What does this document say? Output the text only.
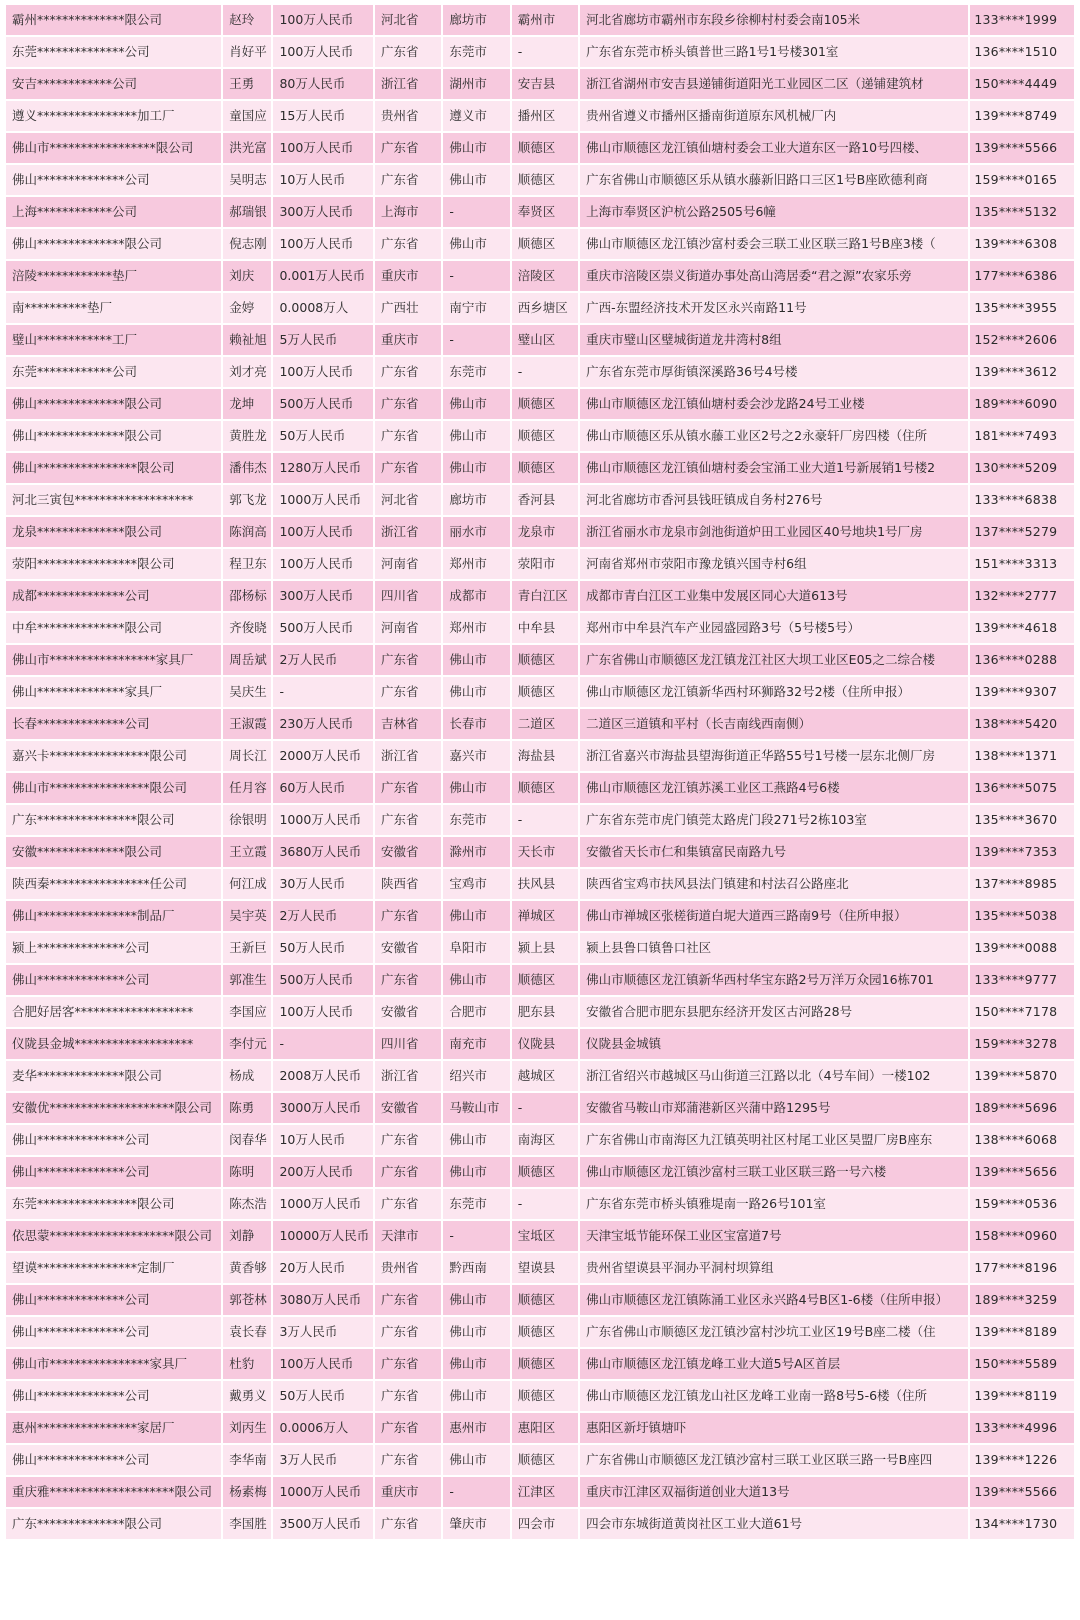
霸州**************限公司	赵玲	100万人民币	河北省	廊坊市	霸州市	河北省廊坊市霸州市东段乡徐柳村村委会南105米	133****1999
东莞**************公司	肖好平	100万人民币	广东省	东莞市	-	广东省东莞市桥头镇普世三路1号1号楼301室	136****1510
安吉************公司	王勇	80万人民币	浙江省	湖州市	安吉县	浙江省湖州市安吉县递铺街道阳光工业园区二区（递铺建筑材	150****4449
遵义****************加工厂	童国应	15万人民币	贵州省	遵义市	播州区	贵州省遵义市播州区播南街道原东风机械厂内	139****8749
佛山市*****************限公司	洪光富	100万人民币	广东省	佛山市	顺德区	佛山市顺德区龙江镇仙塘村委会工业大道东区一路10号四楼、	139****5566
佛山**************公司	吴明志	10万人民币	广东省	佛山市	顺德区	广东省佛山市顺德区乐从镇水藤新旧路口三区1号B座欧德利商	159****0165
上海************公司	郝瑞银	300万人民币	上海市	-	奉贤区	上海市奉贤区沪杭公路2505号6幢	135****5132
佛山**************限公司	倪志刚	100万人民币	广东省	佛山市	顺德区	佛山市顺德区龙江镇沙富村委会三联工业区联三路1号B座3楼（	139****6308
涪陵************垫厂	刘庆	0.001万人民币	重庆市	-	涪陵区	重庆市涪陵区崇义街道办事处高山湾居委“君之源”农家乐旁	177****6386
南**********垫厂	金婷	0.0008万人	广西壮	南宁市	西乡塘区	广西-东盟经济技术开发区永兴南路11号	135****3955
璧山************工厂	赖祉旭	5万人民币	重庆市	-	璧山区	重庆市璧山区璧城街道龙井湾村8组	152****2606
东莞************公司	刘才亮	100万人民币	广东省	东莞市	-	广东省东莞市厚街镇深溪路36号4号楼	139****3612
佛山**************限公司	龙坤	500万人民币	广东省	佛山市	顺德区	佛山市顺德区龙江镇仙塘村委会沙龙路24号工业楼	189****6090
佛山**************限公司	黄胜龙	50万人民币	广东省	佛山市	顺德区	佛山市顺德区乐从镇水藤工业区2号之2永豪轩厂房四楼（住所	181****7493
佛山****************限公司	潘伟杰	1280万人民币	广东省	佛山市	顺德区	佛山市顺德区龙江镇仙塘村委会宝涌工业大道1号新展销1号楼2	130****5209
河北三寅包*******************	郭飞龙	1000万人民币	河北省	廊坊市	香河县	河北省廊坊市香河县钱旺镇成自务村276号	133****6838
龙泉**************限公司	陈润高	100万人民币	浙江省	丽水市	龙泉市	浙江省丽水市龙泉市剑池街道炉田工业园区40号地块1号厂房	137****5279
荥阳****************限公司	程卫东	100万人民币	河南省	郑州市	荥阳市	河南省郑州市荥阳市豫龙镇兴国寺村6组	151****3313
成都**************公司	邵杨标	300万人民币	四川省	成都市	青白江区	成都市青白江区工业集中发展区同心大道613号	132****2777
中牟**************限公司	齐俊晓	500万人民币	河南省	郑州市	中牟县	郑州市中牟县汽车产业园盛园路3号（5号楼5号）	139****4618
佛山市*****************家具厂	周岳斌	2万人民币	广东省	佛山市	顺德区	广东省佛山市顺德区龙江镇龙江社区大坝工业区E05之二综合楼	136****0288
佛山**************家具厂	吴庆生	-	广东省	佛山市	顺德区	佛山市顺德区龙江镇新华西村环狮路32号2楼（住所申报）	139****9307
长春**************公司	王淑霞	230万人民币	吉林省	长春市	二道区	二道区三道镇和平村（长吉南线西南侧）	138****5420
嘉兴卡****************限公司	周长江	2000万人民币	浙江省	嘉兴市	海盐县	浙江省嘉兴市海盐县望海街道正华路55号1号楼一层东北侧厂房	138****1371
佛山市****************限公司	任月容	60万人民币	广东省	佛山市	顺德区	佛山市顺德区龙江镇苏溪工业区工燕路4号6楼	136****5075
广东****************限公司	徐银明	1000万人民币	广东省	东莞市	-	广东省东莞市虎门镇莞太路虎门段271号2栋103室	135****3670
安徽**************限公司	王立霞	3680万人民币	安徽省	滁州市	天长市	安徽省天长市仁和集镇富民南路九号	139****7353
陕西秦****************任公司	何江成	30万人民币	陕西省	宝鸡市	扶风县	陕西省宝鸡市扶风县法门镇建和村法召公路座北	137****8985
佛山****************制品厂	吴宇英	2万人民币	广东省	佛山市	禅城区	佛山市禅城区张槎街道白坭大道西三路南9号（住所申报）	135****5038
颍上**************公司	王新巨	50万人民币	安徽省	阜阳市	颍上县	颍上县鲁口镇鲁口社区	139****0088
佛山**************公司	郭准生	500万人民币	广东省	佛山市	顺德区	佛山市顺德区龙江镇新华西村华宝东路2号万洋万众园16栋701	133****9777
合肥好居客*******************	李国应	100万人民币	安徽省	合肥市	肥东县	安徽省合肥市肥东县肥东经济开发区古河路28号	150****7178
仪陇县金城*******************	李付元	-	四川省	南充市	仪陇县	仪陇县金城镇	159****3278
麦华**************限公司	杨成	2008万人民币	浙江省	绍兴市	越城区	浙江省绍兴市越城区马山街道三江路以北（4号车间）一楼102	139****5870
安徽优********************限公司	陈勇	3000万人民币	安徽省	马鞍山市	-	安徽省马鞍山市郑蒲港新区兴蒲中路1295号	189****5696
佛山**************公司	闵春华	10万人民币	广东省	佛山市	南海区	广东省佛山市南海区九江镇英明社区村尾工业区昊盟厂房B座东	138****6068
佛山**************公司	陈明	200万人民币	广东省	佛山市	顺德区	佛山市顺德区龙江镇沙富村三联工业区联三路一号六楼	139****5656
东莞****************限公司	陈杰浩	1000万人民币	广东省	东莞市	-	广东省东莞市桥头镇雅堤南一路26号101室	159****0536
依思蒙********************限公司	刘静	10000万人民币	天津市	-	宝坻区	天津宝坻节能环保工业区宝富道7号	158****0960
望谟****************定制厂	黄香够	20万人民币	贵州省	黔西南	望谟县	贵州省望谟县平洞办平洞村坝算组	177****8196
佛山**************公司	郭苍林	3080万人民币	广东省	佛山市	顺德区	佛山市顺德区龙江镇陈涌工业区永兴路4号B区1-6楼（住所申报）	189****3259
佛山**************公司	袁长春	3万人民币	广东省	佛山市	顺德区	广东省佛山市顺德区龙江镇沙富村沙坑工业区19号B座二楼（住	139****8189
佛山市****************家具厂	杜豹	100万人民币	广东省	佛山市	顺德区	佛山市顺德区龙江镇龙峰工业大道5号A区首层	150****5589
佛山**************公司	戴勇义	50万人民币	广东省	佛山市	顺德区	佛山市顺德区龙江镇龙山社区龙峰工业南一路8号5-6楼（住所	139****8119
惠州****************家居厂	刘丙生	0.0006万人	广东省	惠州市	惠阳区	惠阳区新圩镇塘吓	133****4996
佛山**************公司	李华南	3万人民币	广东省	佛山市	顺德区	广东省佛山市顺德区龙江镇沙富村三联工业区联三路一号B座四	139****1226
重庆雅********************限公司	杨素梅	1000万人民币	重庆市	-	江津区	重庆市江津区双福街道创业大道13号	139****5566
广东**************限公司	李国胜	3500万人民币	广东省	肇庆市	四会市	四会市东城街道黄岗社区工业大道61号	134****1730
